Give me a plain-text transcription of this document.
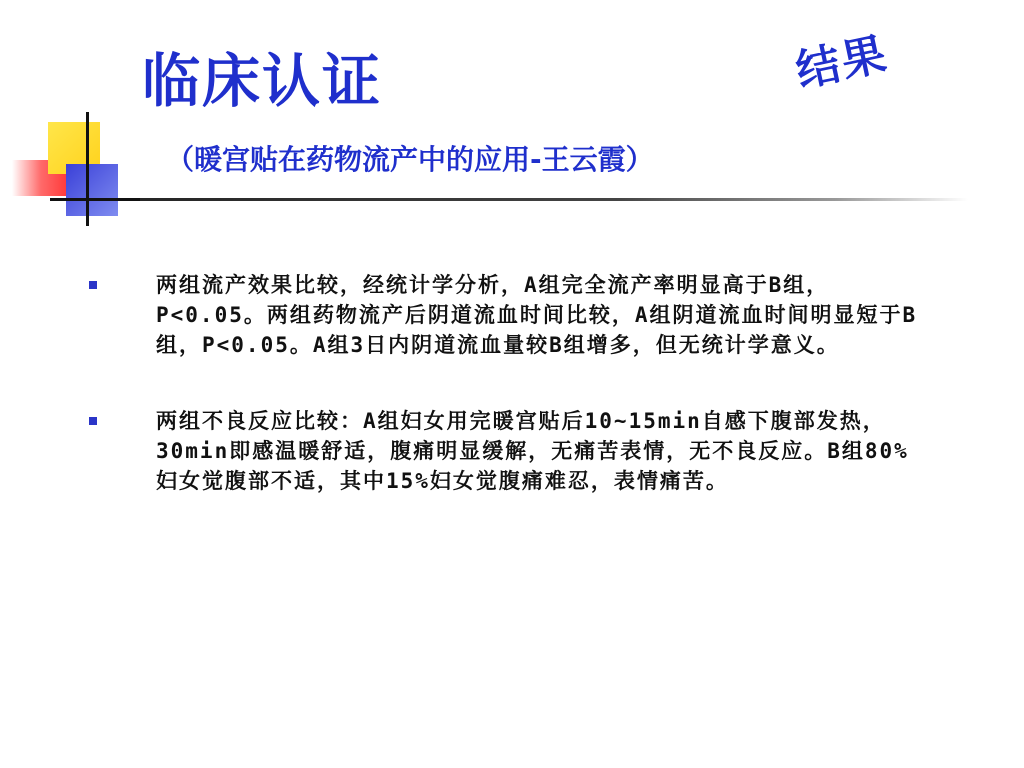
临床认证	结果
（暖宫贴在药物流产中的应用-王云霞）
两组流产效果比较，经统计学分析，A组完全流产率明显高于B组，P<0.05。两组药物流产后阴道流血时间比较，A组阴道流血时间明显短于B组，P<0.05。A组3日内阴道流血量较B组增多，但无统计学意义。
两组不良反应比较：A组妇女用完暖宫贴后10~15min自感下腹部发热，30min即感温暖舒适，腹痛明显缓解，无痛苦表情，无不良反应。B组80%妇女觉腹部不适，其中15%妇女觉腹痛难忍，表情痛苦。
